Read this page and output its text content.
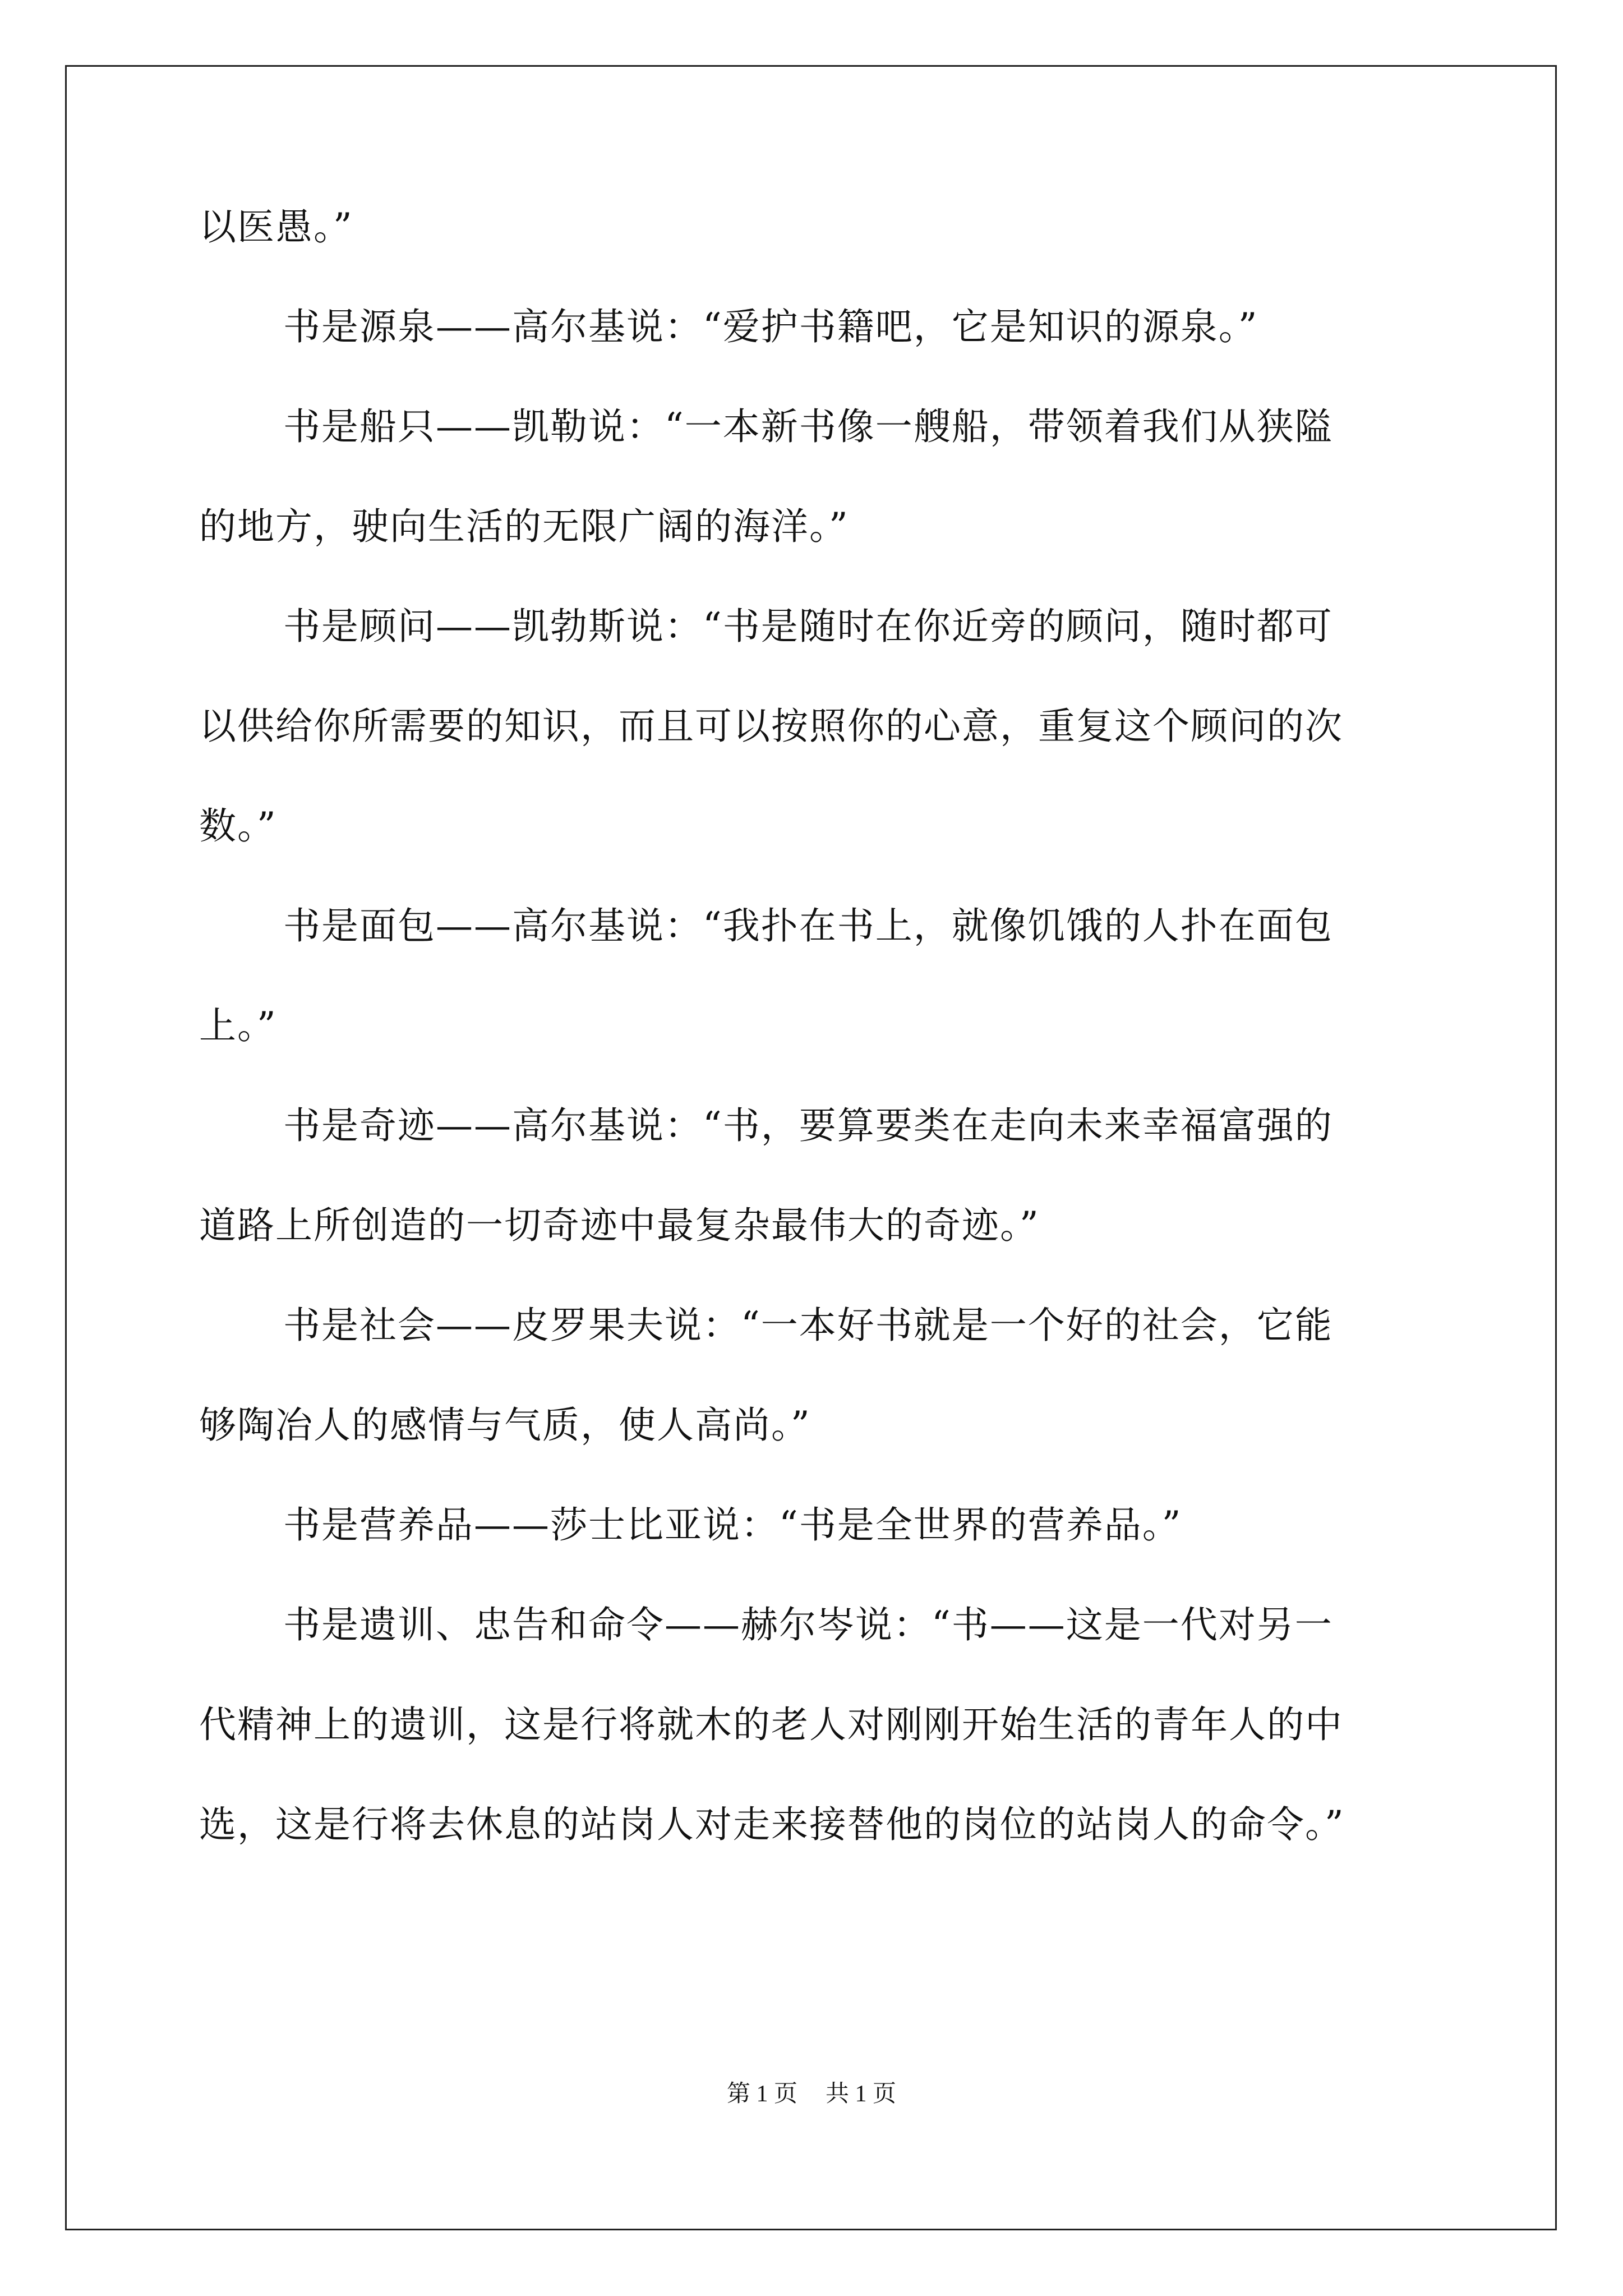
以医愚。”
书是源泉——高尔基说：“爱护书籍吧，它是知识的源泉。”
书是船只——凯勒说：“一本新书像一艘船，带领着我们从狭隘
的地方，驶向生活的无限广阔的海洋。”
书是顾问——凯勃斯说：“书是随时在你近旁的顾问，随时都可
以供给你所需要的知识，而且可以按照你的心意，重复这个顾问的次
数。”
书是面包——高尔基说：“我扑在书上，就像饥饿的人扑在面包
上。”
书是奇迹——高尔基说：“书，要算要类在走向未来幸福富强的
道路上所创造的一切奇迹中最复杂最伟大的奇迹。”
书是社会——皮罗果夫说：“一本好书就是一个好的社会，它能
够陶冶人的感情与气质，使人高尚。”
书是营养品——莎士比亚说：“书是全世界的营养品。”
书是遗训、忠告和命令——赫尔岑说：“书——这是一代对另一
代精神上的遗训，这是行将就木的老人对刚刚开始生活的青年人的中
选，这是行将去休息的站岗人对走来接替他的岗位的站岗人的命令。”
第 1 页 共 1 页
